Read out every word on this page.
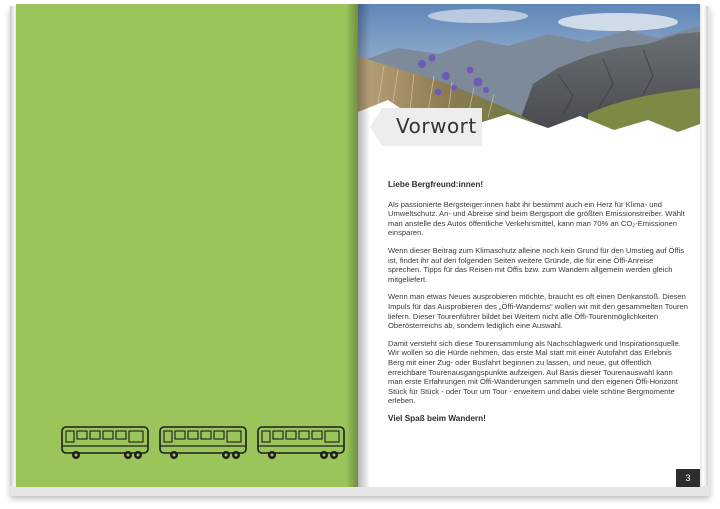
Vorwort

Liebe Bergfreund:innen!

Als passionierte Bergsteiger:innen habt ihr bestimmt auch ein Herz für Klima- und Umweltschutz. An- und Abreise sind beim Bergsport die größten Emissionstreiber. Wählt man anstelle des Autos öffentliche Verkehrsmittel, kann man 70% an CO₂-Emissionen einsparen.

Wenn dieser Beitrag zum Klimaschutz alleine noch kein Grund für den Umstieg auf Öffis ist, findet ihr auf den folgenden Seiten weitere Gründe, die für eine Öffi-Anreise sprechen. Tipps für das Reisen mit Öffis bzw. zum Wandern allgemein werden gleich mitgeliefert.

Wenn man etwas Neues ausprobieren möchte, braucht es oft einen Denkanstoß. Diesen Impuls für das Ausprobieren des „Öffi-Wanderns“ wollen wir mit den gesammelten Touren liefern. Dieser Tourenführer bildet bei Weitem nicht alle Öffi-Tourenmöglichkeiten Oberösterreichs ab, sondern lediglich eine Auswahl.

Damit versteht sich diese Tourensammlung als Nachschlagwerk und Inspirationsquelle. Wir wollen so die Hürde nehmen, das erste Mal statt mit einer Autofahrt das Erlebnis Berg mit einer Zug- oder Busfahrt beginnen zu lassen, und neue, gut öffentlich erreichbare Tourenausgangspunkte aufzeigen. Auf Basis dieser Tourenauswahl kann man erste Erfahrungen mit Öffi-Wanderungen sammeln und den eigenen Öffi-Horizont Stück für Stück - oder Tour um Tour - erweitern und dabei viele schöne Bergmomente erleben.

Viel Spaß beim Wandern!

3
